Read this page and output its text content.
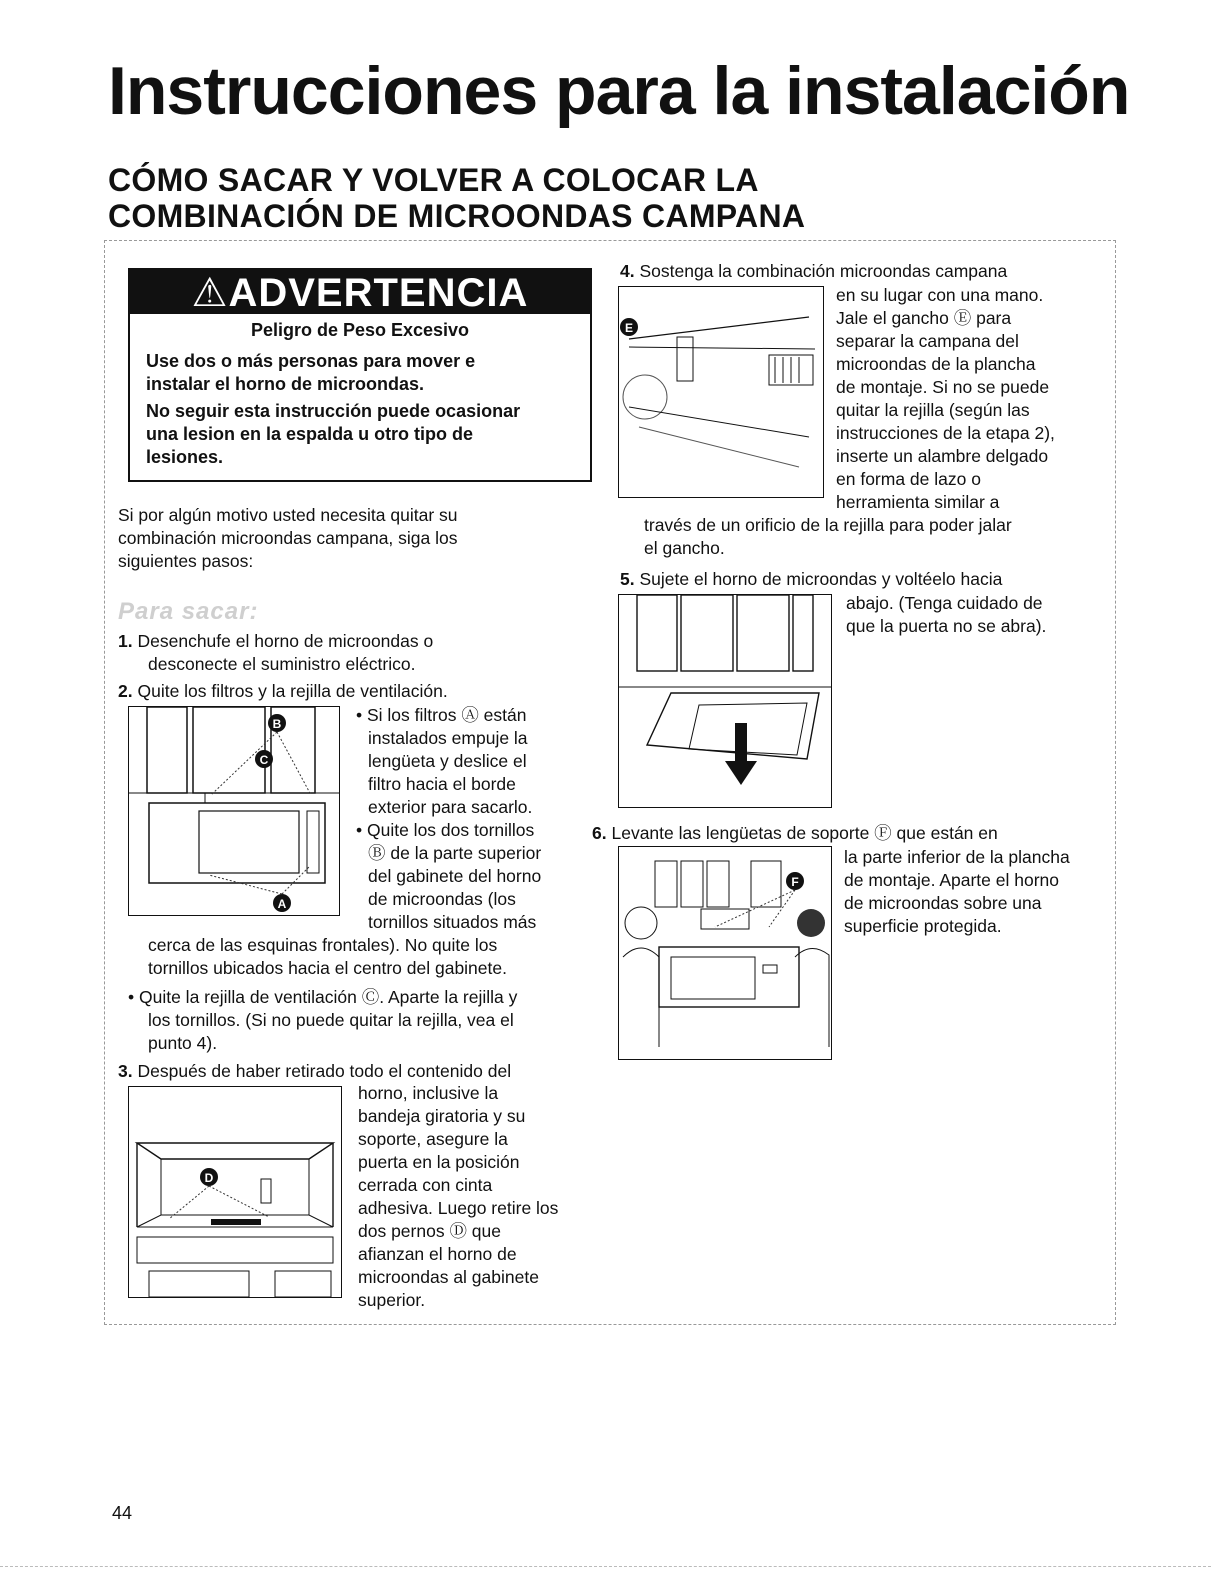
Instrucciones para la instalación
CÓMO SACAR Y VOLVER A COLOCAR LA
COMBINACIÓN DE MICROONDAS CAMPANA
⚠ADVERTENCIA
Peligro de Peso Excesivo
Use dos o más personas para mover e
instalar el horno de microondas.
No seguir esta instrucción puede ocasionar
una lesion en la espalda u otro tipo de
lesiones.
Si por algún motivo usted necesita quitar su
combinación microondas campana, siga los
siguientes pasos:
Para sacar:
1. Desenchufe el horno de microondas o
desconecte el suministro eléctrico.
2. Quite los filtros y la rejilla de ventilación.
B
C
A
• Si los filtros Ⓐ están
instalados empuje la
lengüeta y deslice el
filtro hacia el borde
exterior para sacarlo.
• Quite los dos tornillos
Ⓑ de la parte superior
del gabinete del horno
de microondas (los
tornillos situados más
cerca de las esquinas frontales). No quite los
tornillos ubicados hacia el centro del gabinete.
• Quite la rejilla de ventilación Ⓒ. Aparte la rejilla y
los tornillos. (Si no puede quitar la rejilla, vea el
punto 4).
3. Después de haber retirado todo el contenido del
D
horno, inclusive la
bandeja giratoria y su
soporte, asegure la
puerta en la posición
cerrada con cinta
adhesiva. Luego retire los
dos pernos Ⓓ que
afianzan el horno de
microondas al gabinete
superior.
4. Sostenga la combinación microondas campana
E
en su lugar con una mano.
Jale el gancho Ⓔ para
separar la campana del
microondas de la plancha
de montaje. Si no se puede
quitar la rejilla (según las
instrucciones de la etapa 2),
inserte un alambre delgado
en forma de lazo o
herramienta similar a
través de un orificio de la rejilla para poder jalar
el gancho.
5. Sujete el horno de microondas y voltéelo hacia
abajo. (Tenga cuidado de
que la puerta no se abra).
6. Levante las lengüetas de soporte Ⓕ que están en
F
la parte inferior de la plancha
de montaje. Aparte el horno
de microondas sobre una
superficie protegida.
44
